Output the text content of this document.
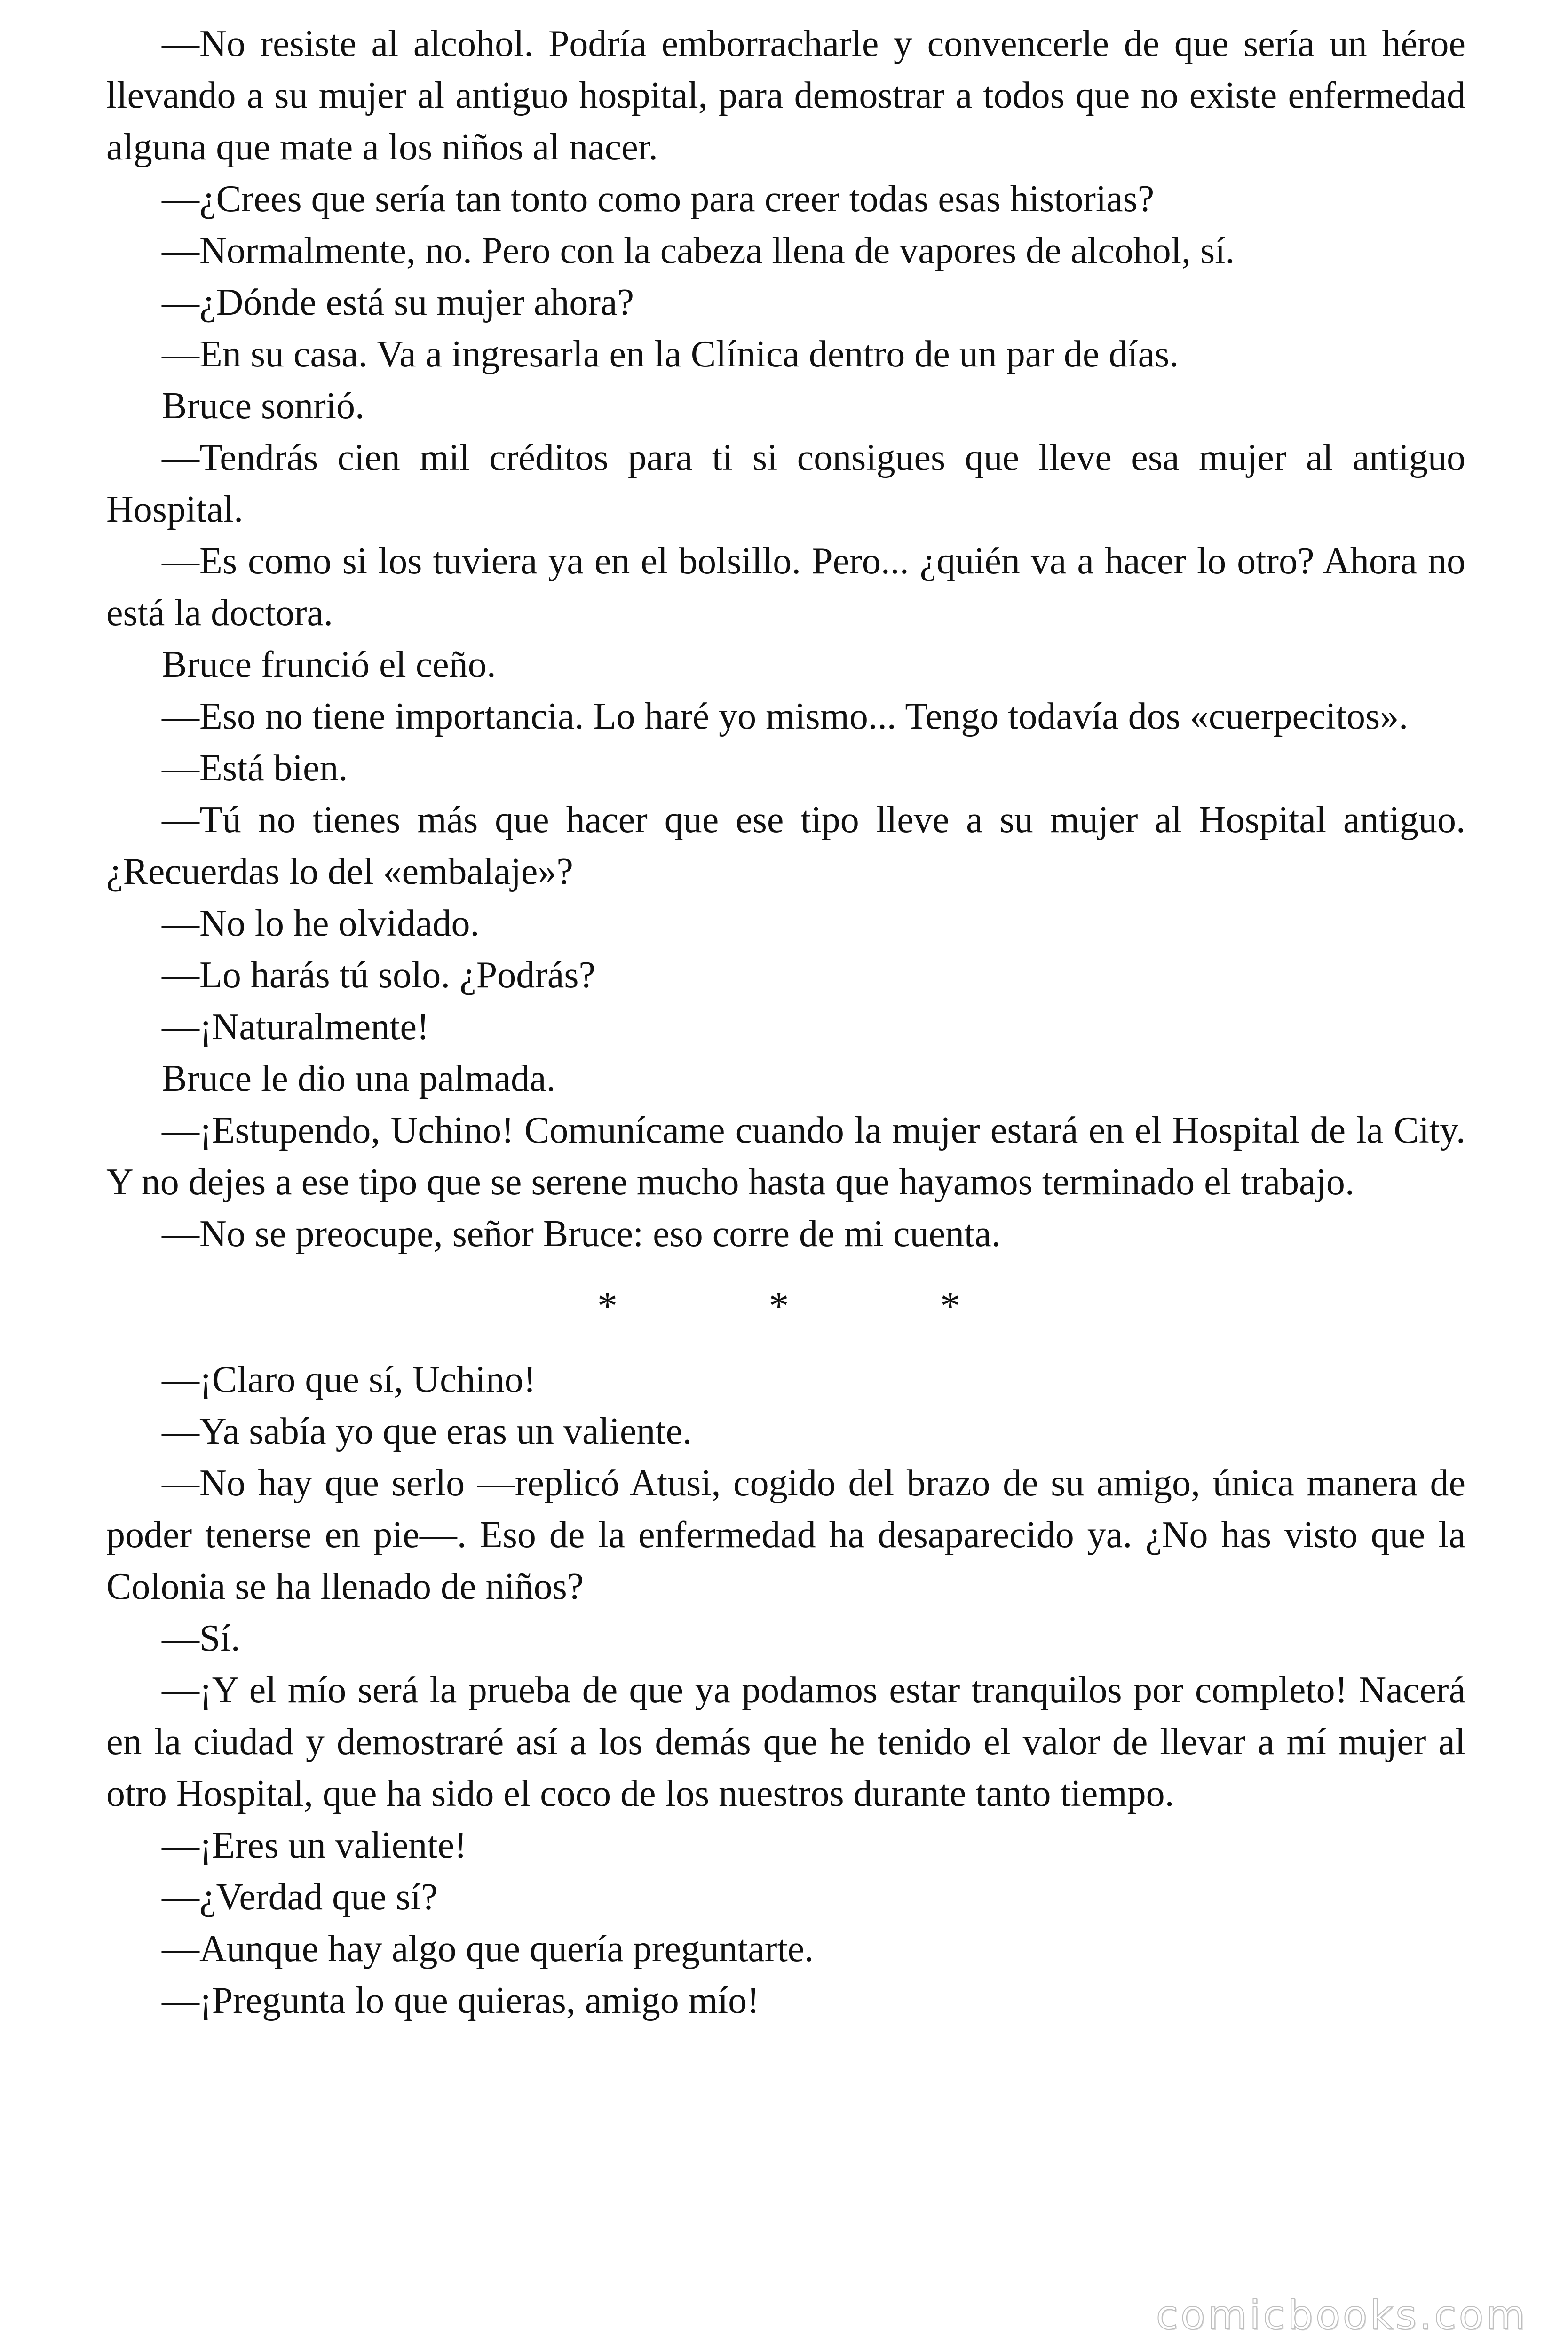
—No resiste al alcohol. Podría emborracharle y convencerle de que sería un héroe llevando a su mujer al antiguo hospital, para demostrar a todos que no existe enfermedad alguna que mate a los niños al nacer.

—¿Crees que sería tan tonto como para creer todas esas historias?

—Normalmente, no. Pero con la cabeza llena de vapores de alcohol, sí.

—¿Dónde está su mujer ahora?

—En su casa. Va a ingresarla en la Clínica dentro de un par de días.

Bruce sonrió.

—Tendrás cien mil créditos para ti si consigues que lleve esa mujer al antiguo Hospital.

—Es como si los tuviera ya en el bolsillo. Pero... ¿quién va a hacer lo otro? Ahora no está la doctora.

Bruce frunció el ceño.

—Eso no tiene importancia. Lo haré yo mismo... Tengo todavía dos «cuerpecitos».

—Está bien.

—Tú no tienes más que hacer que ese tipo lleve a su mujer al Hospital antiguo. ¿Recuerdas lo del «embalaje»?

—No lo he olvidado.

—Lo harás tú solo. ¿Podrás?

—¡Naturalmente!

Bruce le dio una palmada.

—¡Estupendo, Uchino! Comunícame cuando la mujer estará en el Hospital de la City. Y no dejes a ese tipo que se serene mucho hasta que hayamos terminado el trabajo.

—No se preocupe, señor Bruce: eso corre de mi cuenta.

* * *

—¡Claro que sí, Uchino!

—Ya sabía yo que eras un valiente.

—No hay que serlo —replicó Atusi, cogido del brazo de su amigo, única manera de poder tenerse en pie—. Eso de la enfermedad ha desaparecido ya. ¿No has visto que la Colonia se ha llenado de niños?

—Sí.

—¡Y el mío será la prueba de que ya podamos estar tranquilos por completo! Nacerá en la ciudad y demostraré así a los demás que he tenido el valor de llevar a mí mujer al otro Hospital, que ha sido el coco de los nuestros durante tanto tiempo.

—¡Eres un valiente!

—¿Verdad que sí?

—Aunque hay algo que quería preguntarte.

—¡Pregunta lo que quieras, amigo mío!

comicbooks.com
